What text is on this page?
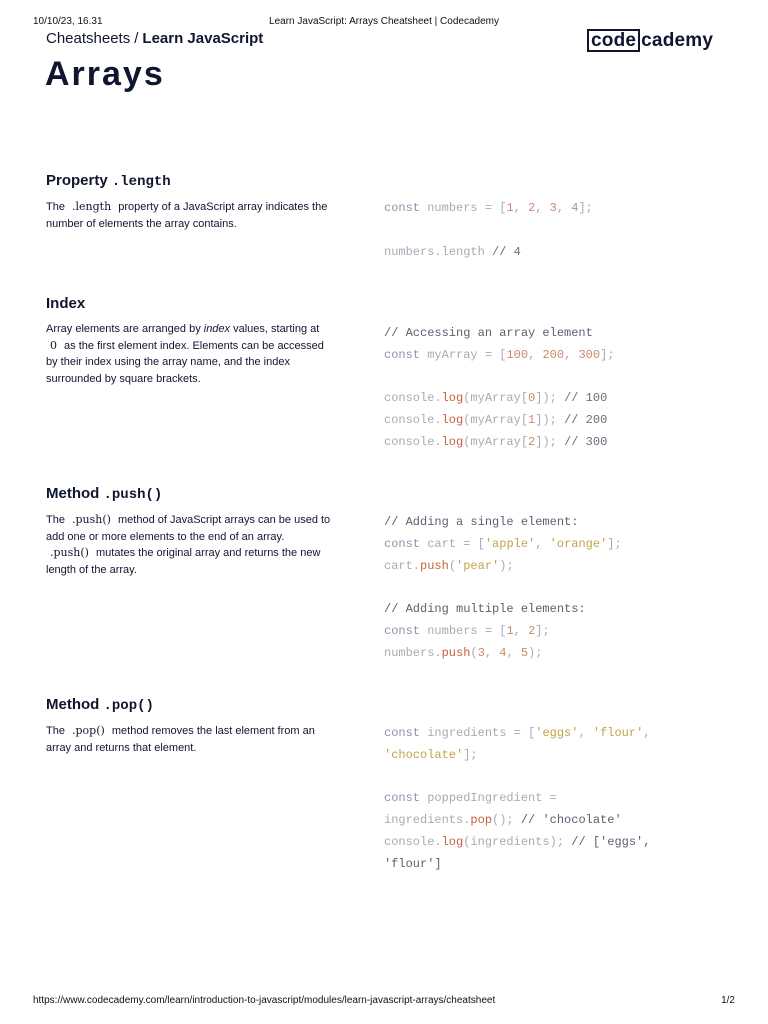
10/10/23, 16.31	Learn JavaScript: Arrays Cheatsheet | Codecademy
Cheatsheets / Learn JavaScript	code cademy
Arrays
Property .length
The .length property of a JavaScript array indicates the number of elements the array contains.
const numbers = [1, 2, 3, 4];
numbers.length // 4
Index
Array elements are arranged by index values, starting at 0 as the first element index. Elements can be accessed by their index using the array name, and the index surrounded by square brackets.
// Accessing an array element
const myArray = [100, 200, 300];
console.log(myArray[0]); // 100
console.log(myArray[1]); // 200
console.log(myArray[2]); // 300
Method .push()
The .push() method of JavaScript arrays can be used to add one or more elements to the end of an array. .push() mutates the original array and returns the new length of the array.
// Adding a single element:
const cart = ['apple', 'orange'];
cart.push('pear');
// Adding multiple elements:
const numbers = [1, 2];
numbers.push(3, 4, 5);
Method .pop()
The .pop() method removes the last element from an array and returns that element.
const ingredients = ['eggs', 'flour',
'chocolate'];
const poppedIngredient =
ingredients.pop(); // 'chocolate'
console.log(ingredients); // ['eggs',
'flour']
https://www.codecademy.com/learn/introduction-to-javascript/modules/learn-javascript-arrays/cheatsheet	1/2
